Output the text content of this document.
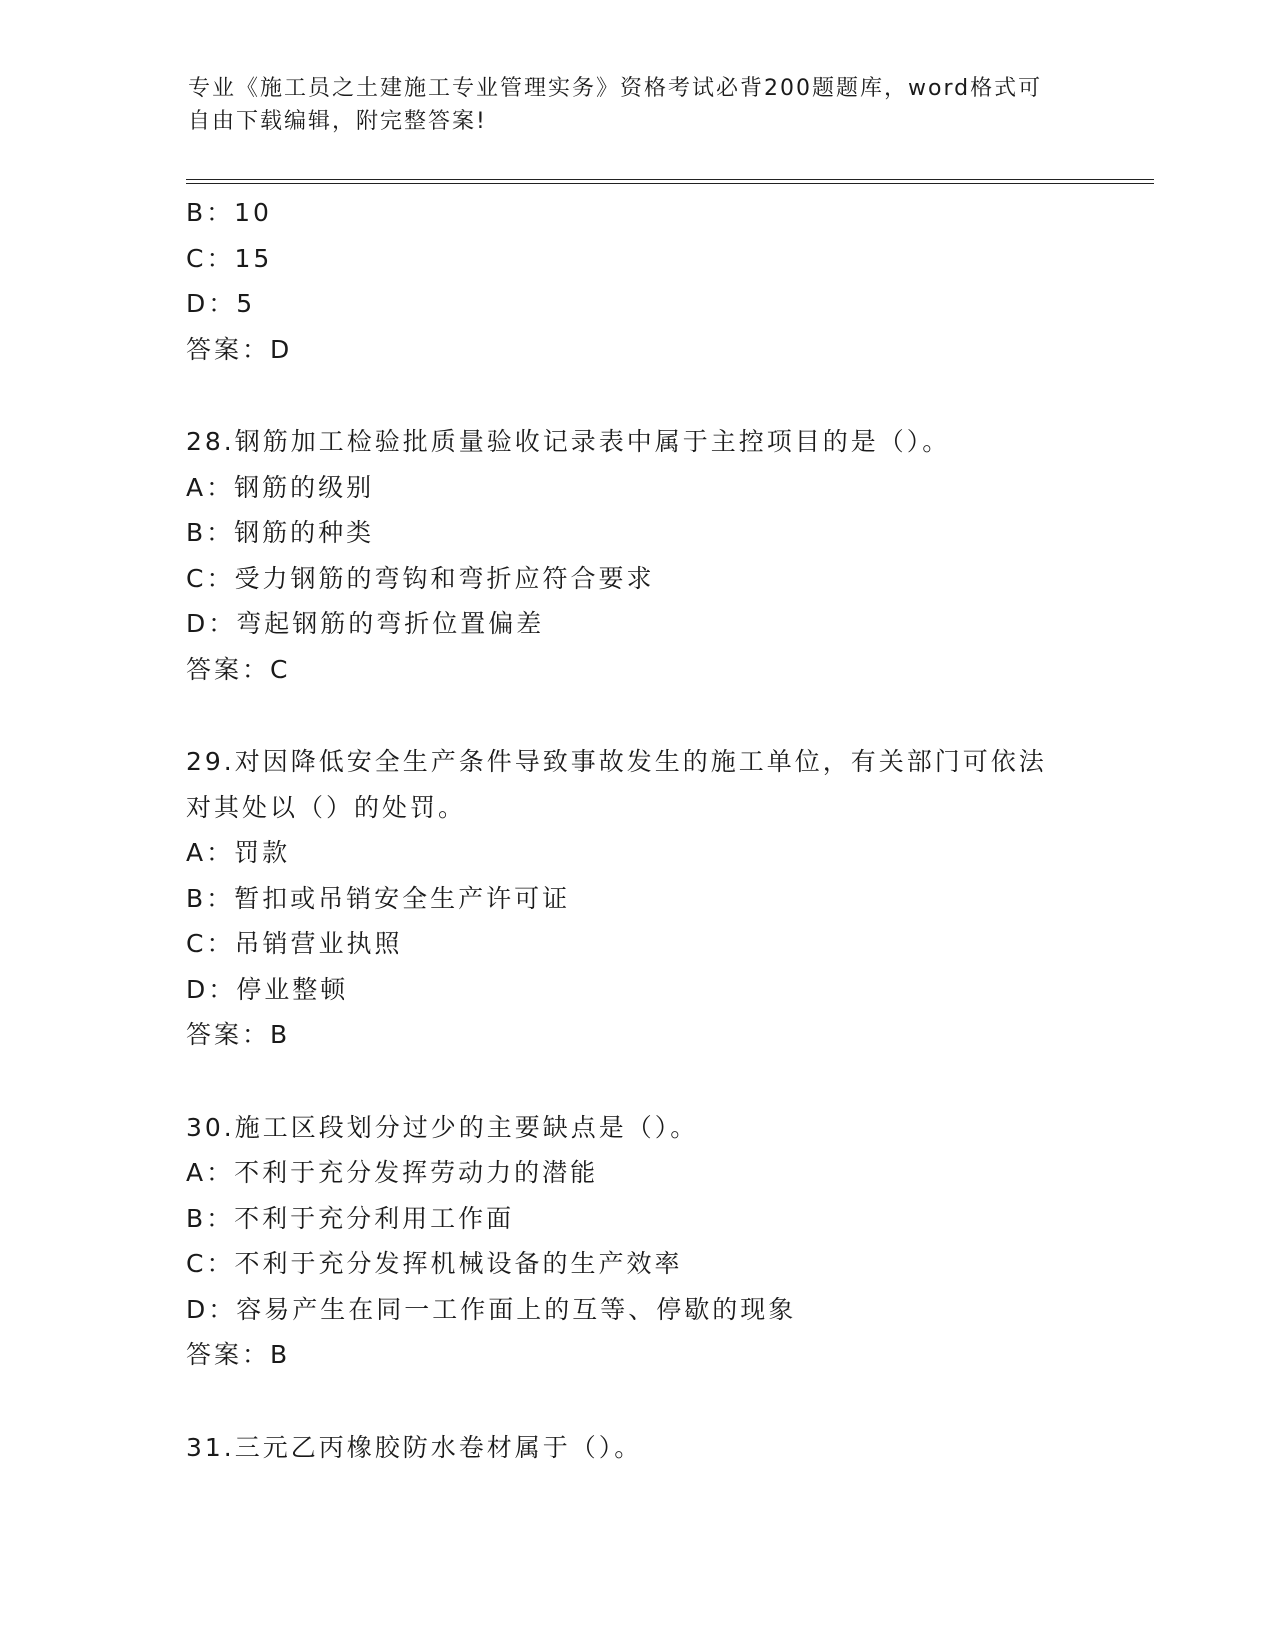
专业《施工员之土建施工专业管理实务》资格考试必背200题题库，word格式可
自由下载编辑，附完整答案!
B：10
C：15
D：5
答案：D
28.钢筋加工检验批质量验收记录表中属于主控项目的是（）。
A：钢筋的级别
B：钢筋的种类
C：受力钢筋的弯钩和弯折应符合要求
D：弯起钢筋的弯折位置偏差
答案：C
29.对因降低安全生产条件导致事故发生的施工单位，有关部门可依法
对其处以（）的处罚。
A：罚款
B：暂扣或吊销安全生产许可证
C：吊销营业执照
D：停业整顿
答案：B
30.施工区段划分过少的主要缺点是（）。
A：不利于充分发挥劳动力的潜能
B：不利于充分利用工作面
C：不利于充分发挥机械设备的生产效率
D：容易产生在同一工作面上的互等、停歇的现象
答案：B
31.三元乙丙橡胶防水卷材属于（）。
